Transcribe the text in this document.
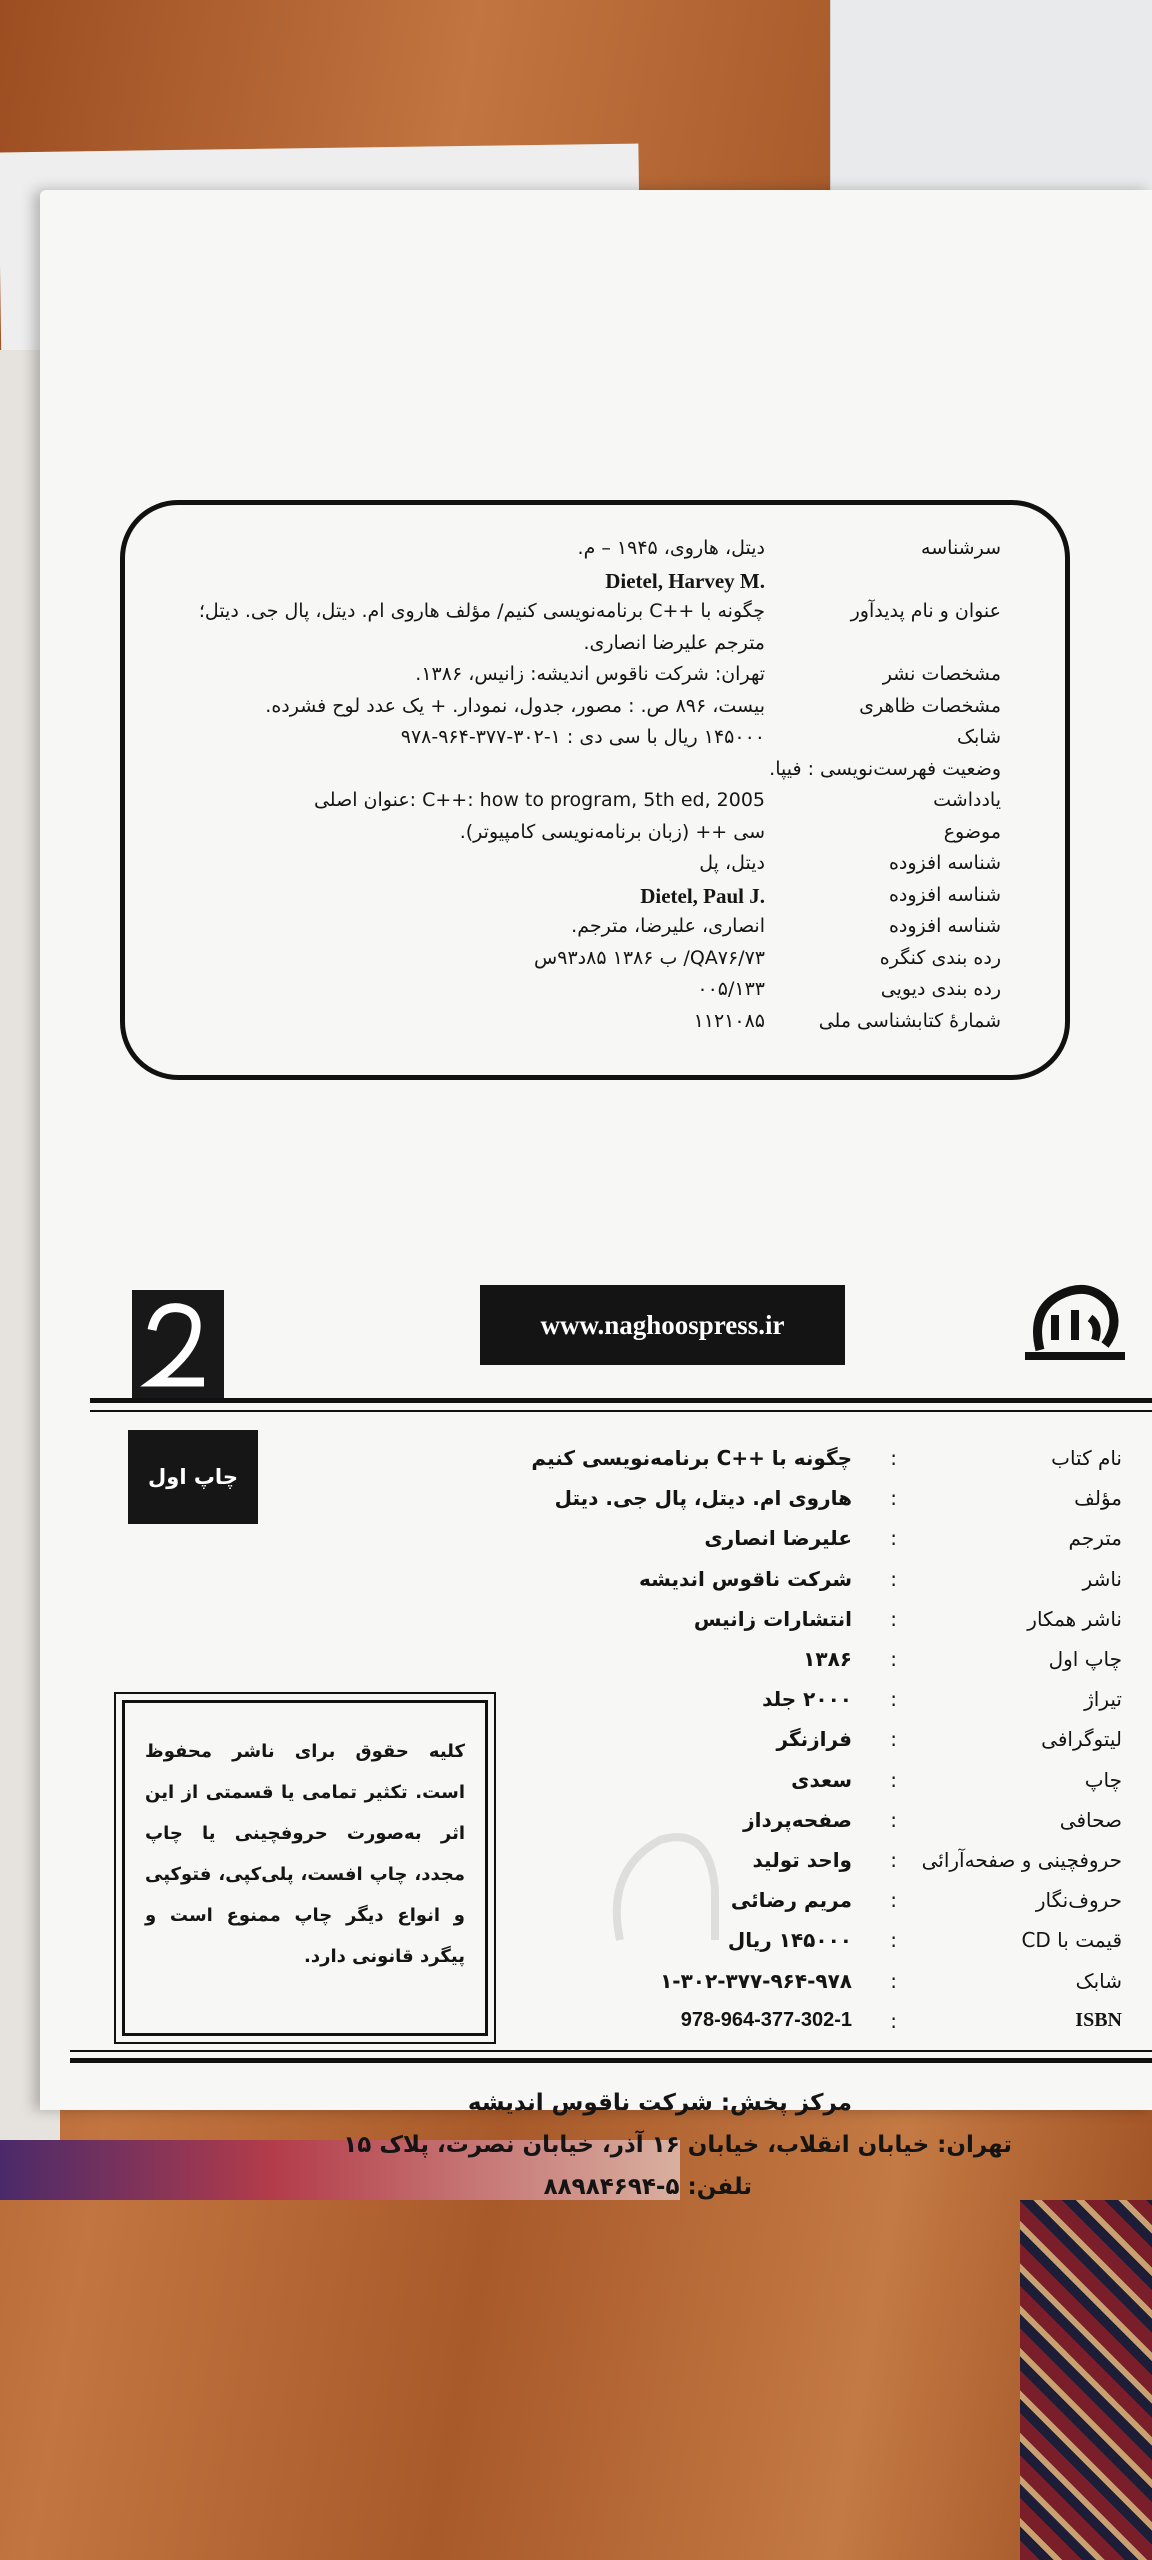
سرشناسه
دیتل، هاروی، ۱۹۴۵ – م.
Dietel, Harvey M.
عنوان و نام پدیدآور
چگونه با ++C برنامه‌نویسی کنیم/ مؤلف هاروی ام. دیتل، پال جی. دیتل؛
مترجم علیرضا انصاری.
مشخصات نشر
تهران: شرکت ناقوس اندیشه: زانیس، ۱۳۸۶.
مشخصات ظاهری
بیست، ۸۹۶ ص. : مصور، جدول، نمودار. + یک عدد لوح فشرده.
شابک
۱۴۵۰۰۰ ریال با سی دی : ۱-۳۰۲-۳۷۷-۹۶۴-۹۷۸
وضعیت فهرست‌نویسی : فیپا.
یادداشت
C++: how to program, 5th ed, 2005 :عنوان اصلی
موضوع
سی ++ (زبان برنامه‌نویسی کامپیوتر).
شناسه افزوده
دیتل، پل
شناسه افزوده
Dietel, Paul J.
شناسه افزوده
انصاری، علیرضا، مترجم.
رده بندی کنگره
QA۷۶/۷۳/ ب ۱۳۸۶ ۸۵د۹۳س
رده بندی دیویی
۰۰۵/۱۳۳
شمارهٔ کتابشناسی ملی
۱۱۲۱۰۸۵
www.naghoospress.ir
چاپ اول
نام کتاب
:
چگونه با ++C برنامه‌نویسی کنیم
مؤلف
:
هاروی ام. دیتل، پال جی. دیتل
مترجم
:
علیرضا انصاری
ناشر
:
شرکت ناقوس اندیشه
ناشر همکار
:
انتشارات زانیس
چاپ اول
:
۱۳۸۶
تیراژ
:
۲۰۰۰ جلد
لیتوگرافی
:
فرازنگر
چاپ
:
سعدی
صحافی
:
صفحه‌پرداز
حروفچینی و صفحه‌آرائی
:
واحد تولید
حروف‌نگار
:
مریم رضائی
قیمت با CD
:
۱۴۵۰۰۰ ریال
شابک
:
۱-۳۰۲-۳۷۷-۹۶۴-۹۷۸
ISBN
:
978-964-377-302-1
کلیه حقوق برای ناشر محفوظ است. تکثیر تمامی یا قسمتی از این اثر به‌صورت حروفچینی یا چاپ مجدد، چاپ افست، پلی‌کپی، فتوکپی و انواع دیگر چاپ ممنوع است و پیگرد قانونی دارد.
مرکز پخش: شرکت ناقوس اندیشه
تهران: خیابان انقلاب، خیابان ۱۶ آذر، خیابان نصرت، پلاک ۱۵
تلفن: ۵-۸۸۹۸۴۶۹۴
